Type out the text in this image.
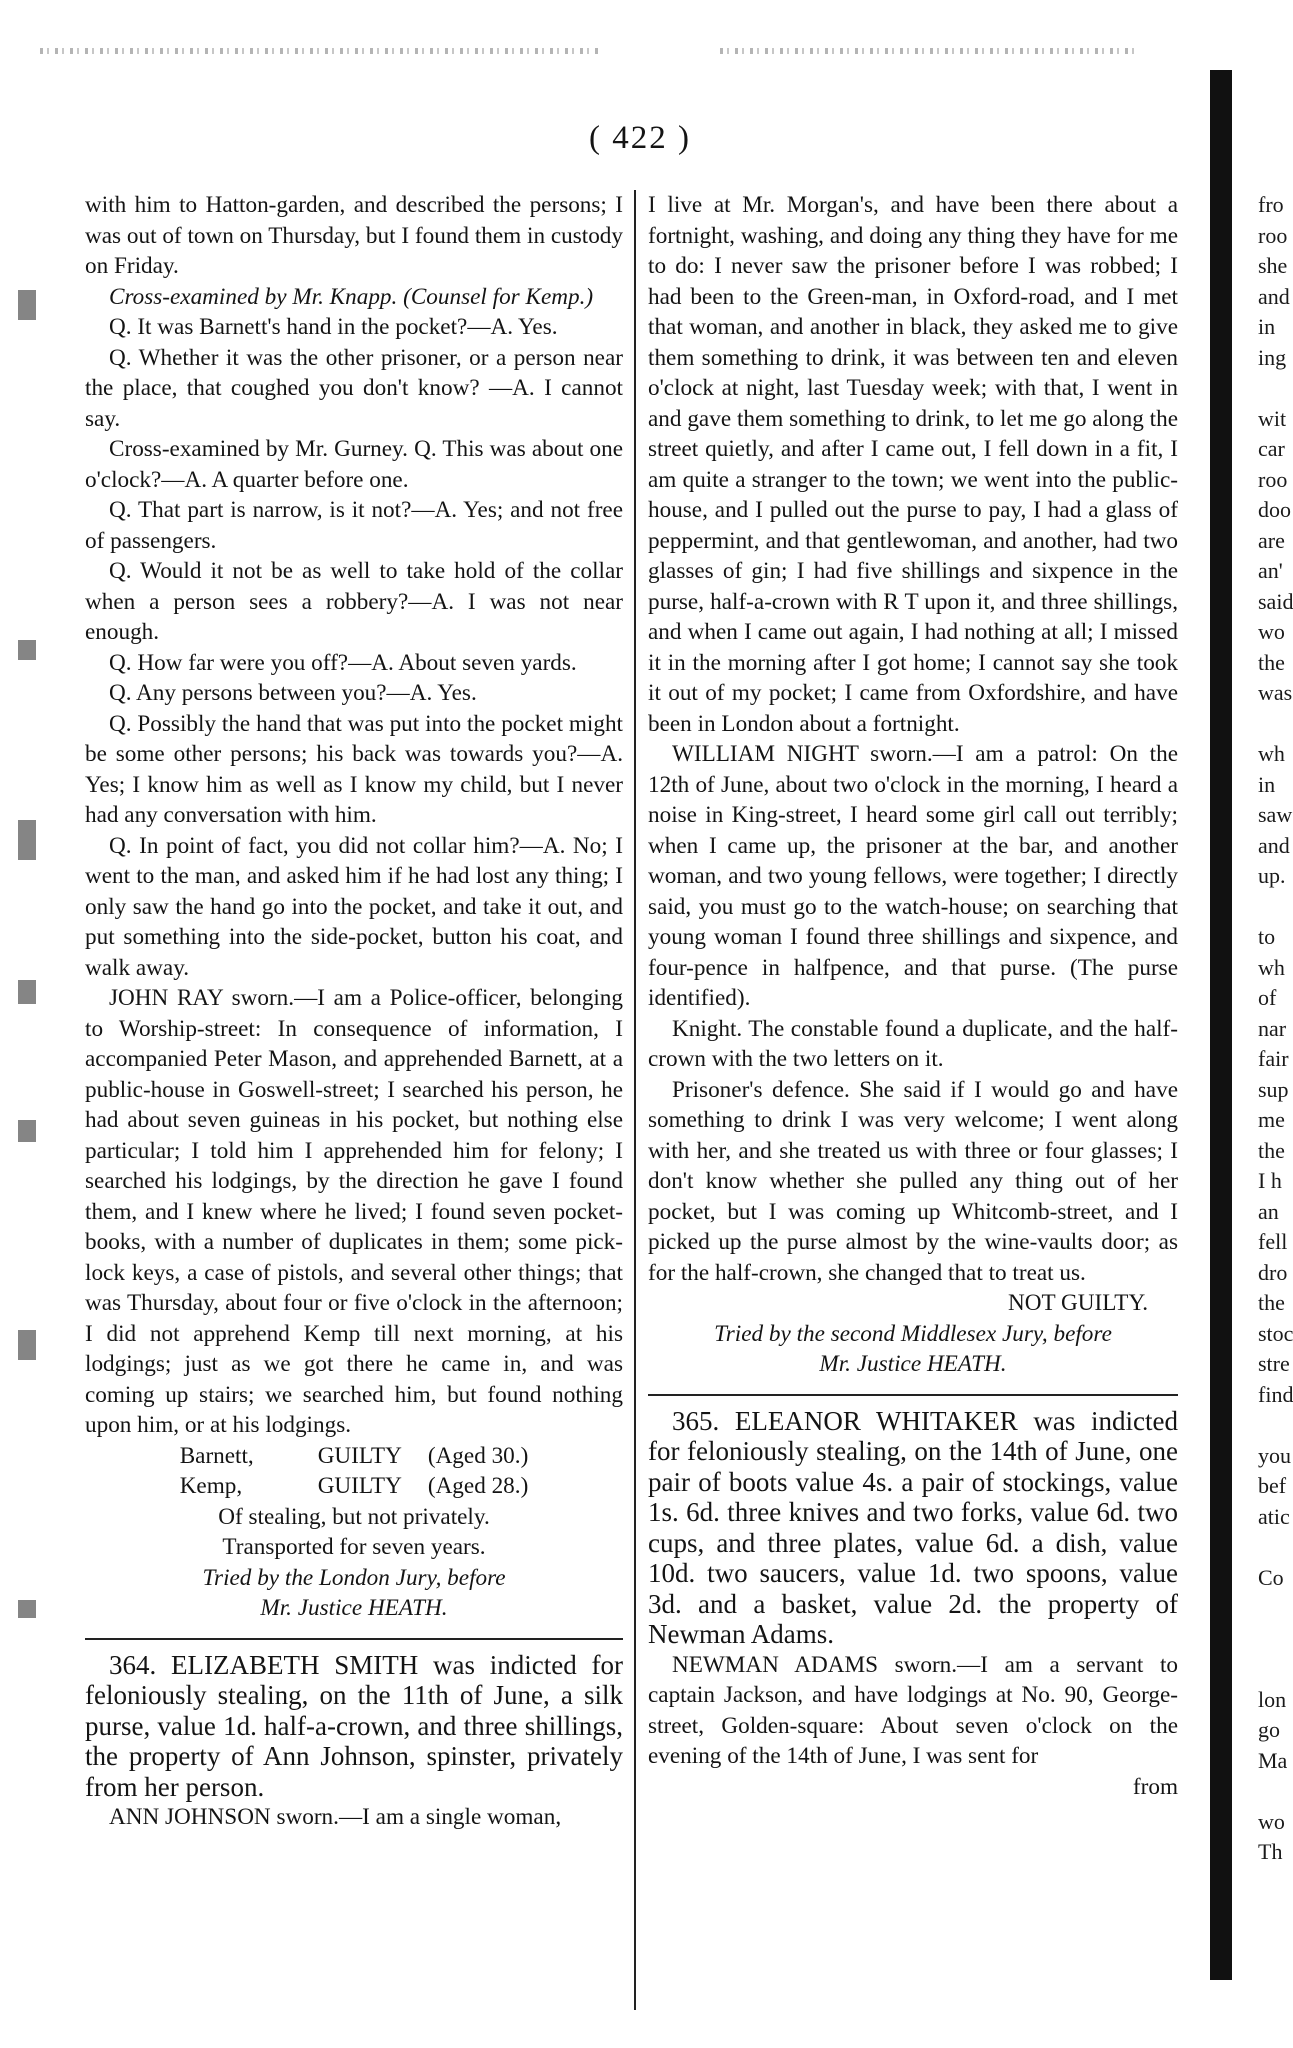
( 422 )

with him to Hatton-garden, and described the persons; I was out of town on Thursday, but I found them in custody on Friday.

Cross-examined by Mr. Knapp. (Counsel for Kemp.)

Q. It was Barnett's hand in the pocket?—A. Yes.

Q. Whether it was the other prisoner, or a person near the place, that coughed you don't know? —A. I cannot say.

Cross-examined by Mr. Gurney. Q. This was about one o'clock?—A. A quarter before one.

Q. That part is narrow, is it not?—A. Yes; and not free of passengers.

Q. Would it not be as well to take hold of the collar when a person sees a robbery?—A. I was not near enough.

Q. How far were you off?—A. About seven yards.

Q. Any persons between you?—A. Yes.

Q. Possibly the hand that was put into the pocket might be some other persons; his back was towards you?—A. Yes; I know him as well as I know my child, but I never had any conversation with him.

Q. In point of fact, you did not collar him?—A. No; I went to the man, and asked him if he had lost any thing; I only saw the hand go into the pocket, and take it out, and put something into the side-pocket, button his coat, and walk away.

JOHN RAY sworn.—I am a Police-officer, belonging to Worship-street: In consequence of information, I accompanied Peter Mason, and apprehended Barnett, at a public-house in Goswell-street; I searched his person, he had about seven guineas in his pocket, but nothing else particular; I told him I apprehended him for felony; I searched his lodgings, by the direction he gave I found them, and I knew where he lived; I found seven pocket-books, with a number of duplicates in them; some pick-lock keys, a case of pistols, and several other things; that was Thursday, about four or five o'clock in the afternoon; I did not apprehend Kemp till next morning, at his lodgings; just as we got there he came in, and was coming up stairs; we searched him, but found nothing upon him, or at his lodgings.

Barnett,	GUILTY (Aged 30.)
Kemp,	GUILTY (Aged 28.)

Of stealing, but not privately.

Transported for seven years.

Tried by the London Jury, before

Mr. Justice HEATH.

364. ELIZABETH SMITH was indicted for feloniously stealing, on the 11th of June, a silk purse, value 1d. half-a-crown, and three shillings, the property of Ann Johnson, spinster, privately from her person.

ANN JOHNSON sworn.—I am a single woman,

I live at Mr. Morgan's, and have been there about a fortnight, washing, and doing any thing they have for me to do: I never saw the prisoner before I was robbed; I had been to the Green-man, in Oxford-road, and I met that woman, and another in black, they asked me to give them something to drink, it was between ten and eleven o'clock at night, last Tuesday week; with that, I went in and gave them something to drink, to let me go along the street quietly, and after I came out, I fell down in a fit, I am quite a stranger to the town; we went into the public-house, and I pulled out the purse to pay, I had a glass of peppermint, and that gentlewoman, and another, had two glasses of gin; I had five shillings and sixpence in the purse, half-a-crown with R T upon it, and three shillings, and when I came out again, I had nothing at all; I missed it in the morning after I got home; I cannot say she took it out of my pocket; I came from Oxfordshire, and have been in London about a fortnight.

WILLIAM NIGHT sworn.—I am a patrol: On the 12th of June, about two o'clock in the morning, I heard a noise in King-street, I heard some girl call out terribly; when I came up, the prisoner at the bar, and another woman, and two young fellows, were together; I directly said, you must go to the watch-house; on searching that young woman I found three shillings and sixpence, and four-pence in halfpence, and that purse. (The purse identified).

Knight. The constable found a duplicate, and the half-crown with the two letters on it.

Prisoner's defence. She said if I would go and have something to drink I was very welcome; I went along with her, and she treated us with three or four glasses; I don't know whether she pulled any thing out of her pocket, but I was coming up Whitcomb-street, and I picked up the purse almost by the wine-vaults door; as for the half-crown, she changed that to treat us.

NOT GUILTY.

Tried by the second Middlesex Jury, before

Mr. Justice HEATH.

365. ELEANOR WHITAKER was indicted for feloniously stealing, on the 14th of June, one pair of boots value 4s. a pair of stockings, value 1s. 6d. three knives and two forks, value 6d. two cups, and three plates, value 6d. a dish, value 10d. two saucers, value 1d. two spoons, value 3d. and a basket, value 2d. the property of Newman Adams.

NEWMAN ADAMS sworn.—I am a servant to captain Jackson, and have lodgings at No. 90, George-street, Golden-square: About seven o'clock on the evening of the 14th of June, I was sent for

from

fro
roo
she
and
in
ing
wit
car
roo
doo
are
an'
said
wo
the
was
wh
in
saw
and
up.
to
wh
of
nar
fair
sup
me
the
I h
an
fell
dro
the
stoc
stre
find
you
bef
atic
Co
lon
go
Ma
wo
Th
